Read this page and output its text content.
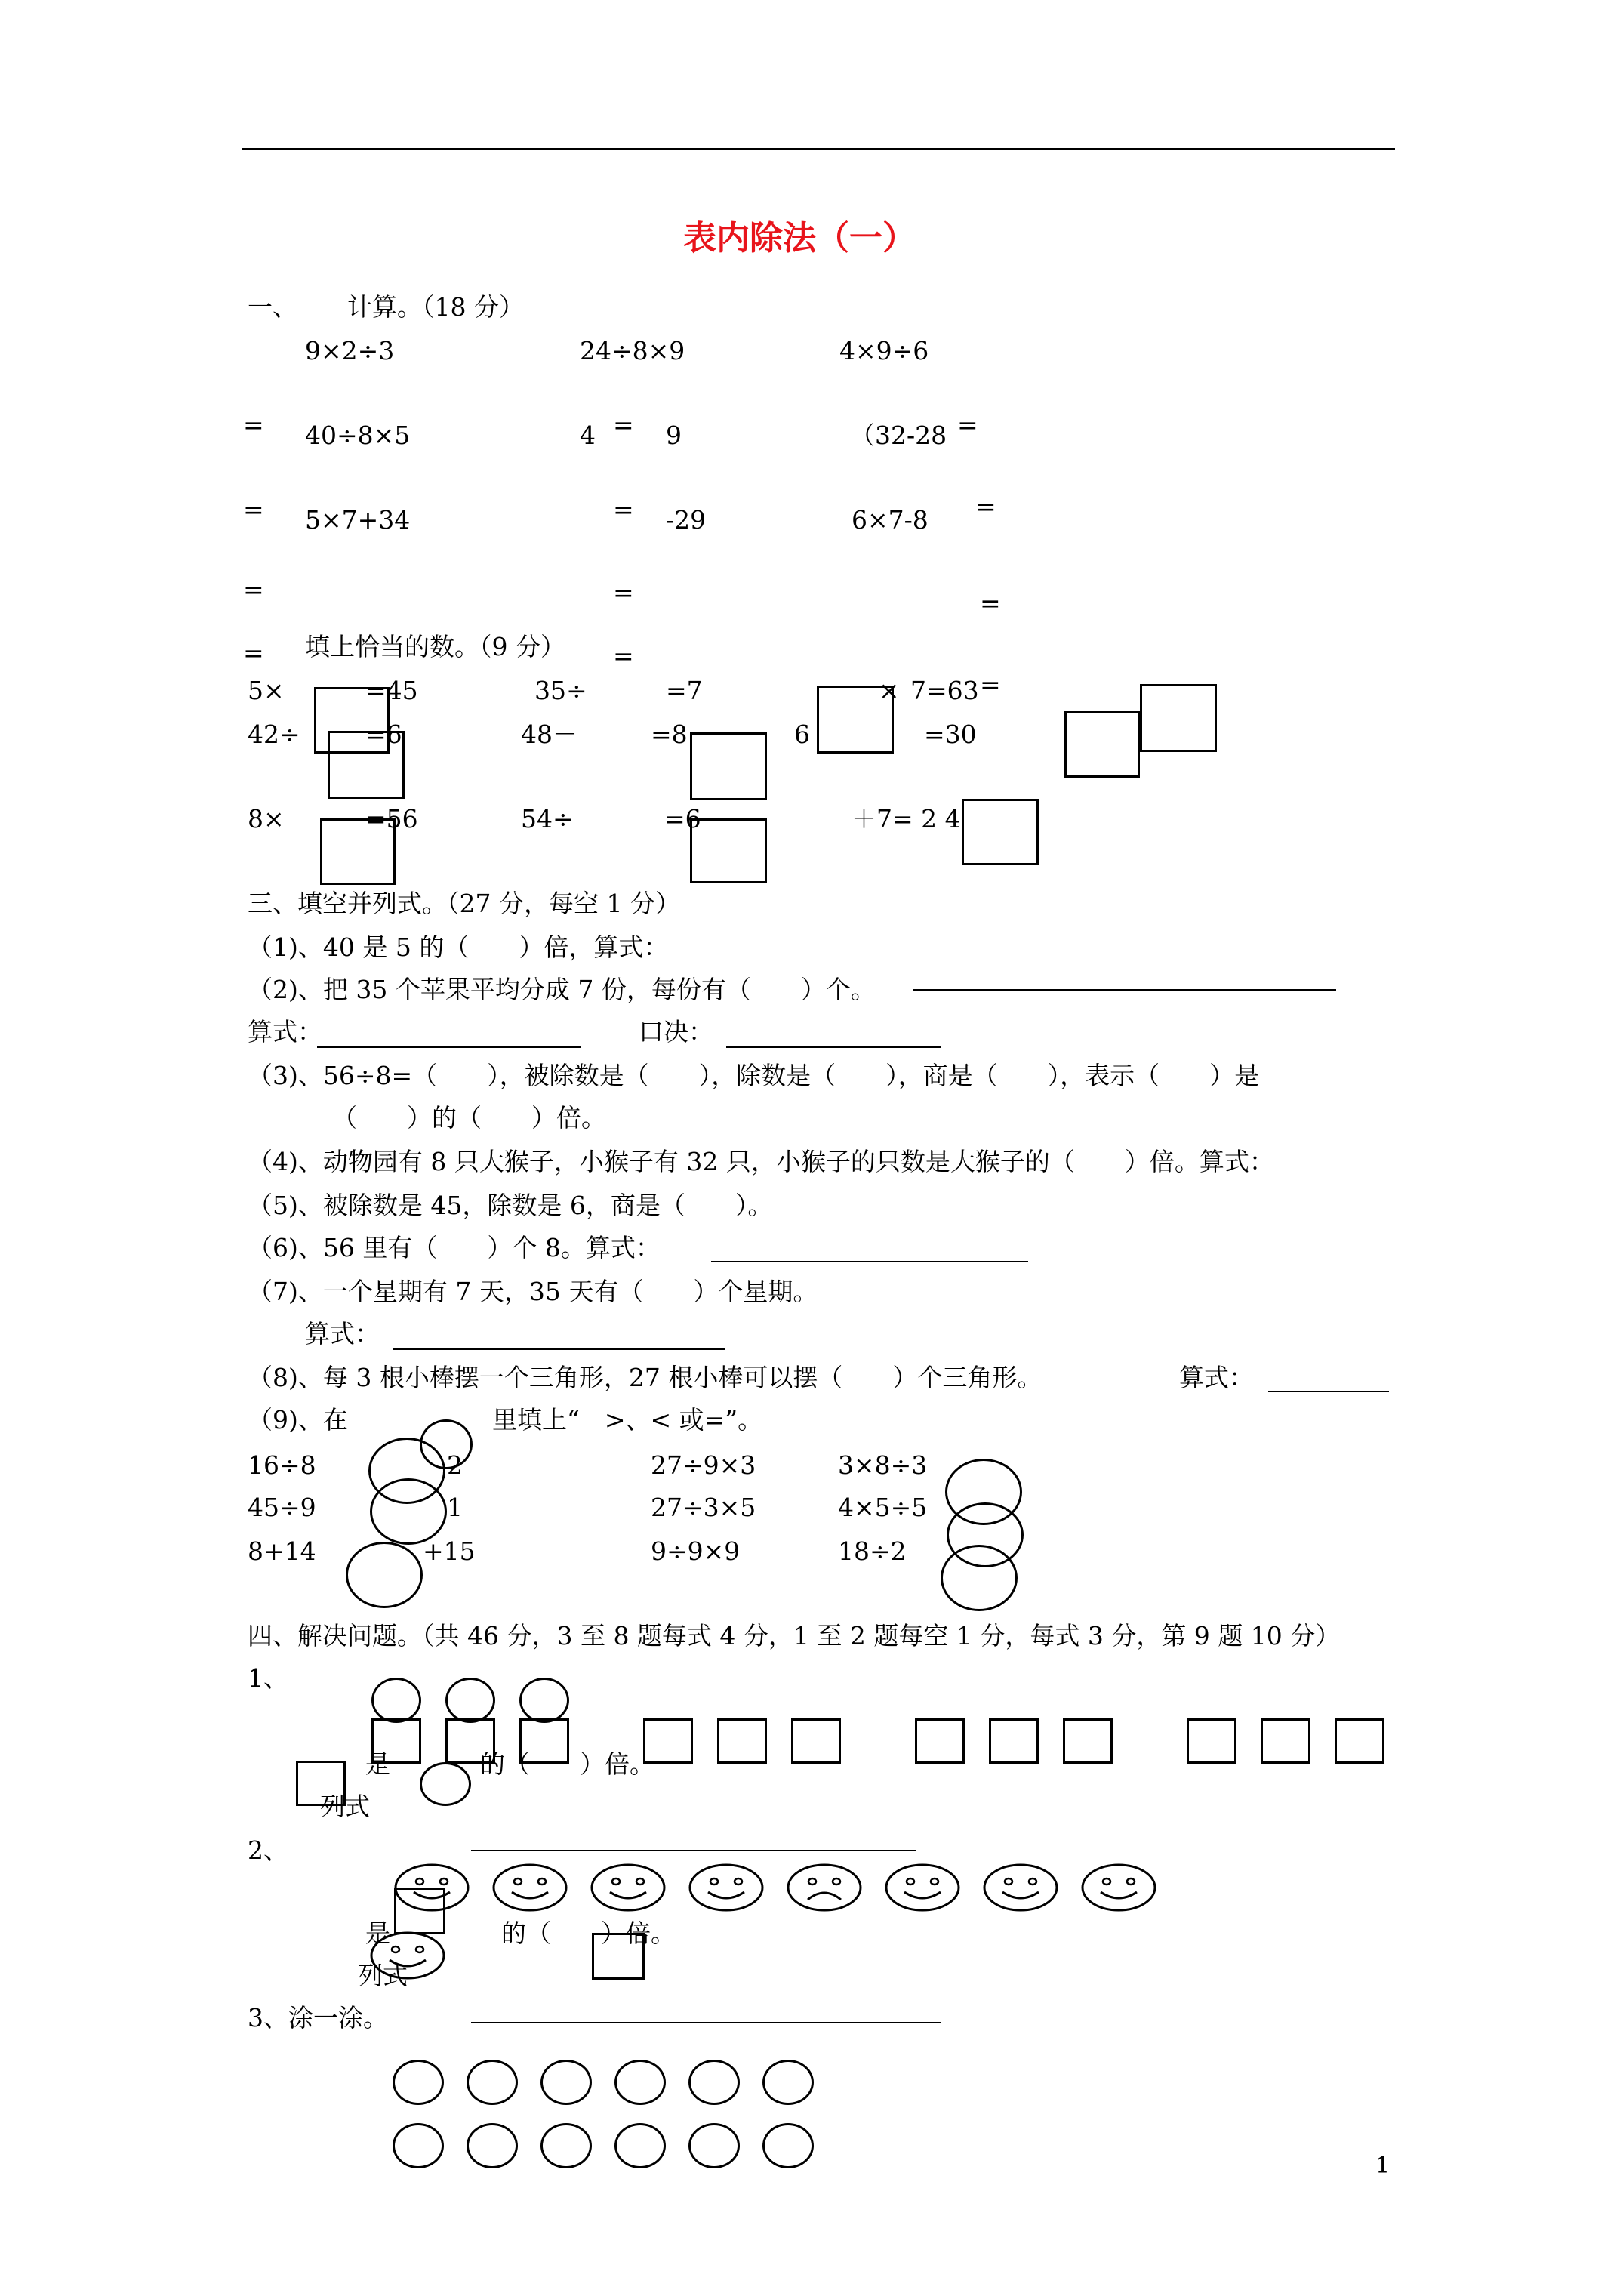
表内除法（一）
一、 计算。（18 分）
9×2÷3	24÷8×9	4×9÷6
= 40÷8×5	4 = 9	（32-28 =
= 5×7+34	= -29	6×7-8 =
=	=	=
= 填上恰当的数。（9 分） =
5×	=45	35÷	=7	× 7=63 =
42÷	=6	48－	=8	6	=30
8×	=56	54÷	=6	＋7= 2 4
三、填空并列式。（27 分，每空 1 分）
（1)、40 是 5 的（　　）倍，算式：
（2)、把 35 个苹果平均分成 7 份，每份有（　　）个。
算式：	口决：
（3)、56÷8=（　　），被除数是（　　），除数是（　　），商是（　　），表示（　　）是
（　　）的（　　）倍。
（4)、动物园有 8 只大猴子，小猴子有 32 只，小猴子的只数是大猴子的（　　）倍。算式：
（5)、被除数是 45，除数是 6，商是（　　）。
（6)、56 里有（　　）个 8。算式：
（7)、一个星期有 7 天，35 天有（　　）个星期。
算式：
（8)、每 3 根小棒摆一个三角形，27 根小棒可以摆（　　）个三角形。	算式：
（9)、在	里填上“　>、< 或=”。
16÷8	2	27÷9×3	3×8÷3
45÷9	1	27÷3×5	4×5÷5
8+14	+15	9÷9×9	18÷2
四、解决问题。（共 46 分，3 至 8 题每式 4 分，1 至 2 题每空 1 分，每式 3 分，第 9 题 10 分）
1、
是	的（　　）倍。
列式
2、
是	的（　　）倍。
列式
3、涂一涂。
1
